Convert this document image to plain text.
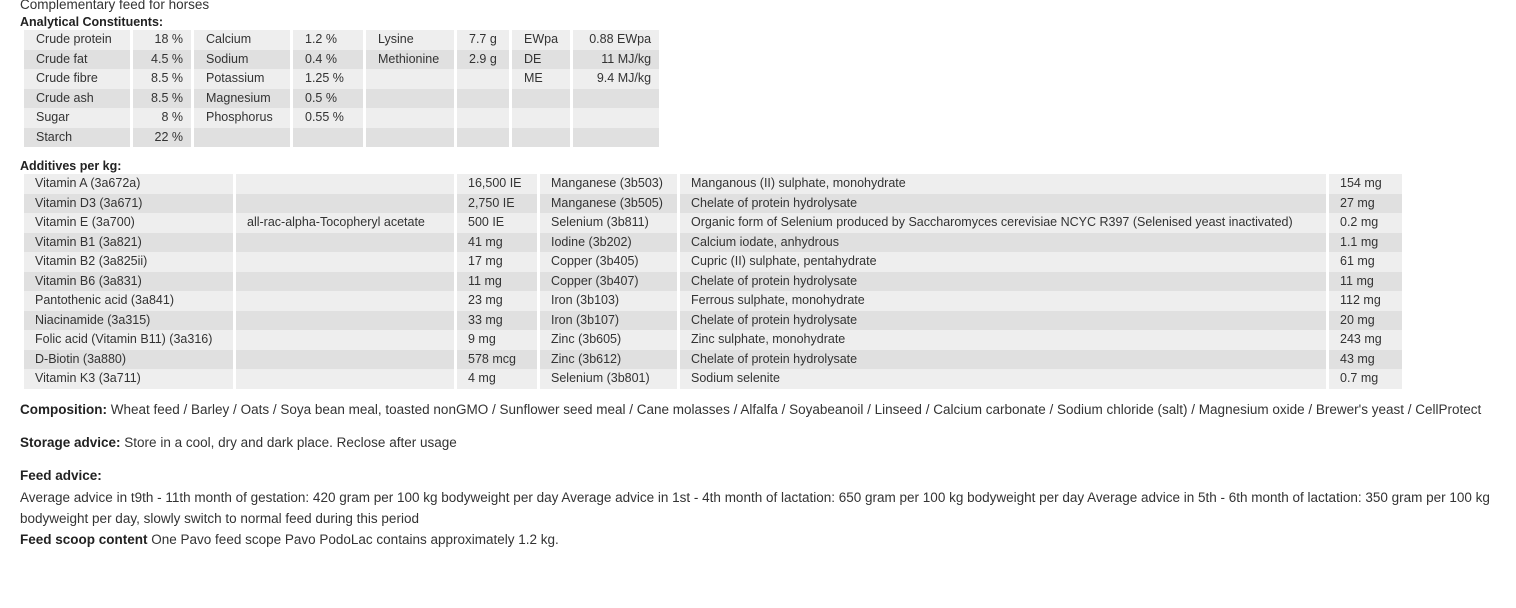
Complementary feed for horses
Analytical Constituents:
Crude protein	18 %	Calcium	1.2 %	Lysine	7.7 g	EWpa	0.88 EWpa
Crude fat	4.5 %	Sodium	0.4 %	Methionine	2.9 g	DE	11 MJ/kg
Crude fibre	8.5 %	Potassium	1.25 %			ME	9.4 MJ/kg
Crude ash	8.5 %	Magnesium	0.5 %				
Sugar	8 %	Phosphorus	0.55 %				
Starch	22 %						
Additives per kg:
Vitamin A (3a672a)		16,500 IE	Manganese (3b503)	Manganous (II) sulphate, monohydrate	154 mg
Vitamin D3 (3a671)		2,750 IE	Manganese (3b505)	Chelate of protein hydrolysate	27 mg
Vitamin E (3a700)	all-rac-alpha-Tocopheryl acetate	500 IE	Selenium (3b811)	Organic form of Selenium produced by Saccharomyces cerevisiae NCYC R397 (Selenised yeast inactivated)	0.2 mg
Vitamin B1 (3a821)		41 mg	Iodine (3b202)	Calcium iodate, anhydrous	1.1 mg
Vitamin B2 (3a825ii)		17 mg	Copper (3b405)	Cupric (II) sulphate, pentahydrate	61 mg
Vitamin B6 (3a831)		11 mg	Copper (3b407)	Chelate of protein hydrolysate	11 mg
Pantothenic acid (3a841)		23 mg	Iron (3b103)	Ferrous sulphate, monohydrate	112 mg
Niacinamide (3a315)		33 mg	Iron (3b107)	Chelate of protein hydrolysate	20 mg
Folic acid (Vitamin B11) (3a316)		9 mg	Zinc (3b605)	Zinc sulphate, monohydrate	243 mg
D-Biotin (3a880)		578 mcg	Zinc (3b612)	Chelate of protein hydrolysate	43 mg
Vitamin K3 (3a711)		4 mg	Selenium (3b801)	Sodium selenite	0.7 mg
Composition: Wheat feed / Barley / Oats / Soya bean meal, toasted nonGMO / Sunflower seed meal / Cane molasses / Alfalfa / Soyabeanoil / Linseed / Calcium carbonate / Sodium chloride (salt) / Magnesium oxide / Brewer's yeast / CellProtect
Storage advice: Store in a cool, dry and dark place. Reclose after usage
Feed advice:
Average advice in t9th - 11th month of gestation: 420 gram per 100 kg bodyweight per day Average advice in 1st - 4th month of lactation: 650 gram per 100 kg bodyweight per day Average advice in 5th - 6th month of lactation: 350 gram per 100 kg bodyweight per day, slowly switch to normal feed during this period
Feed scoop content One Pavo feed scope Pavo PodoLac contains approximately 1.2 kg.
